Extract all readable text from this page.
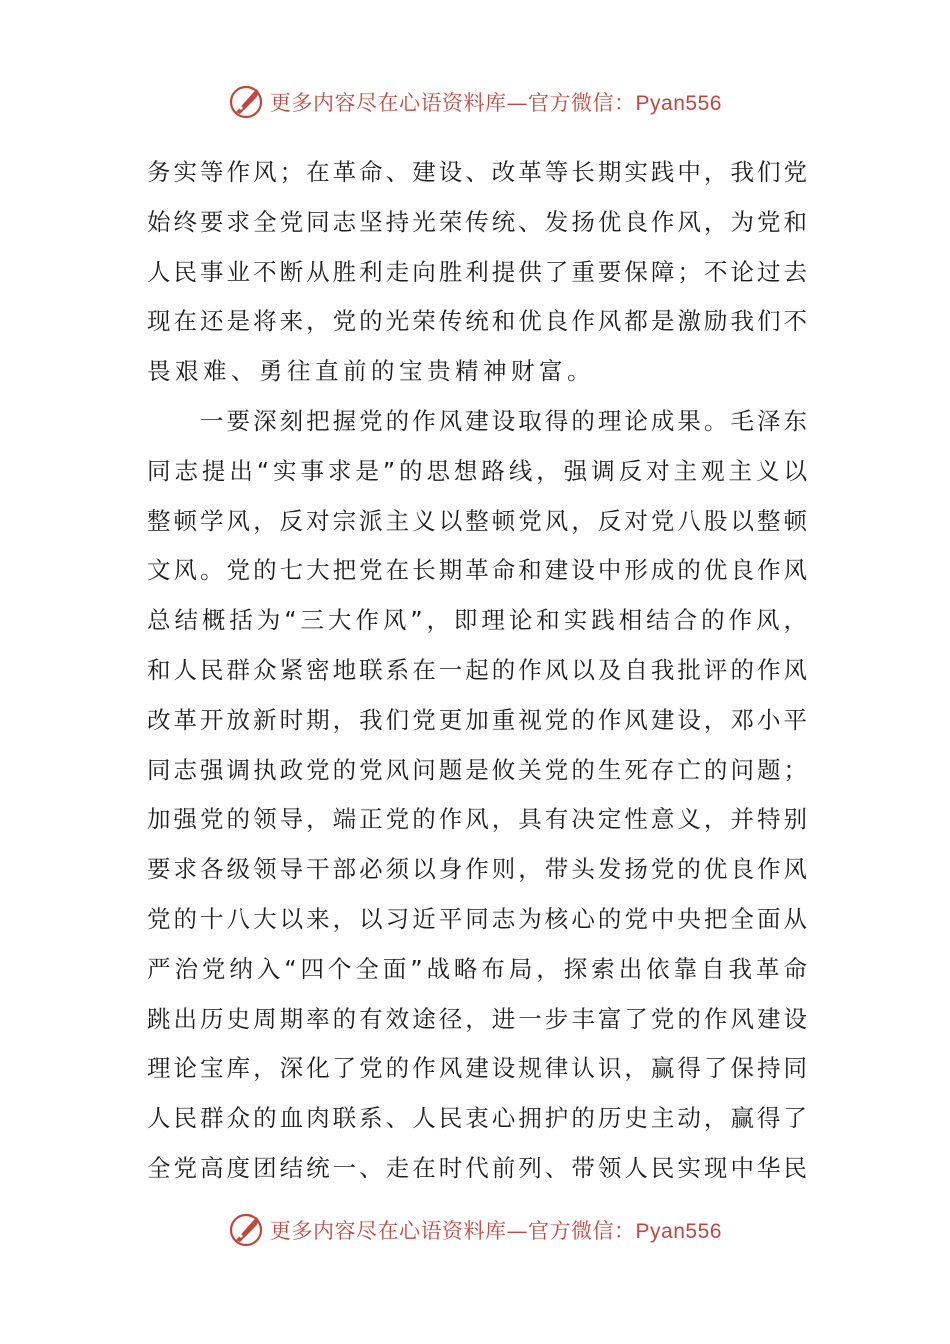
更多内容尽在心语资料库—官方微信：Pyan556
务实等作风；在革命、建设、改革等长期实践中，我们党
始终要求全党同志坚持光荣传统、发扬优良作风，为党和
人民事业不断从胜利走向胜利提供了重要保障；不论过去
现在还是将来，党的光荣传统和优良作风都是激励我们不
畏艰难、勇往直前的宝贵精神财富。
　　一要深刻把握党的作风建设取得的理论成果。毛泽东
同志提出“实事求是”的思想路线，强调反对主观主义以
整顿学风，反对宗派主义以整顿党风，反对党八股以整顿
文风。党的七大把党在长期革命和建设中形成的优良作风
总结概括为“三大作风”，即理论和实践相结合的作风，
和人民群众紧密地联系在一起的作风以及自我批评的作风
改革开放新时期，我们党更加重视党的作风建设，邓小平
同志强调执政党的党风问题是攸关党的生死存亡的问题；
加强党的领导，端正党的作风，具有决定性意义，并特别
要求各级领导干部必须以身作则，带头发扬党的优良作风
党的十八大以来，以习近平同志为核心的党中央把全面从
严治党纳入“四个全面”战略布局，探索出依靠自我革命
跳出历史周期率的有效途径，进一步丰富了党的作风建设
理论宝库，深化了党的作风建设规律认识，赢得了保持同
人民群众的血肉联系、人民衷心拥护的历史主动，赢得了
全党高度团结统一、走在时代前列、带领人民实现中华民
更多内容尽在心语资料库—官方微信：Pyan556
